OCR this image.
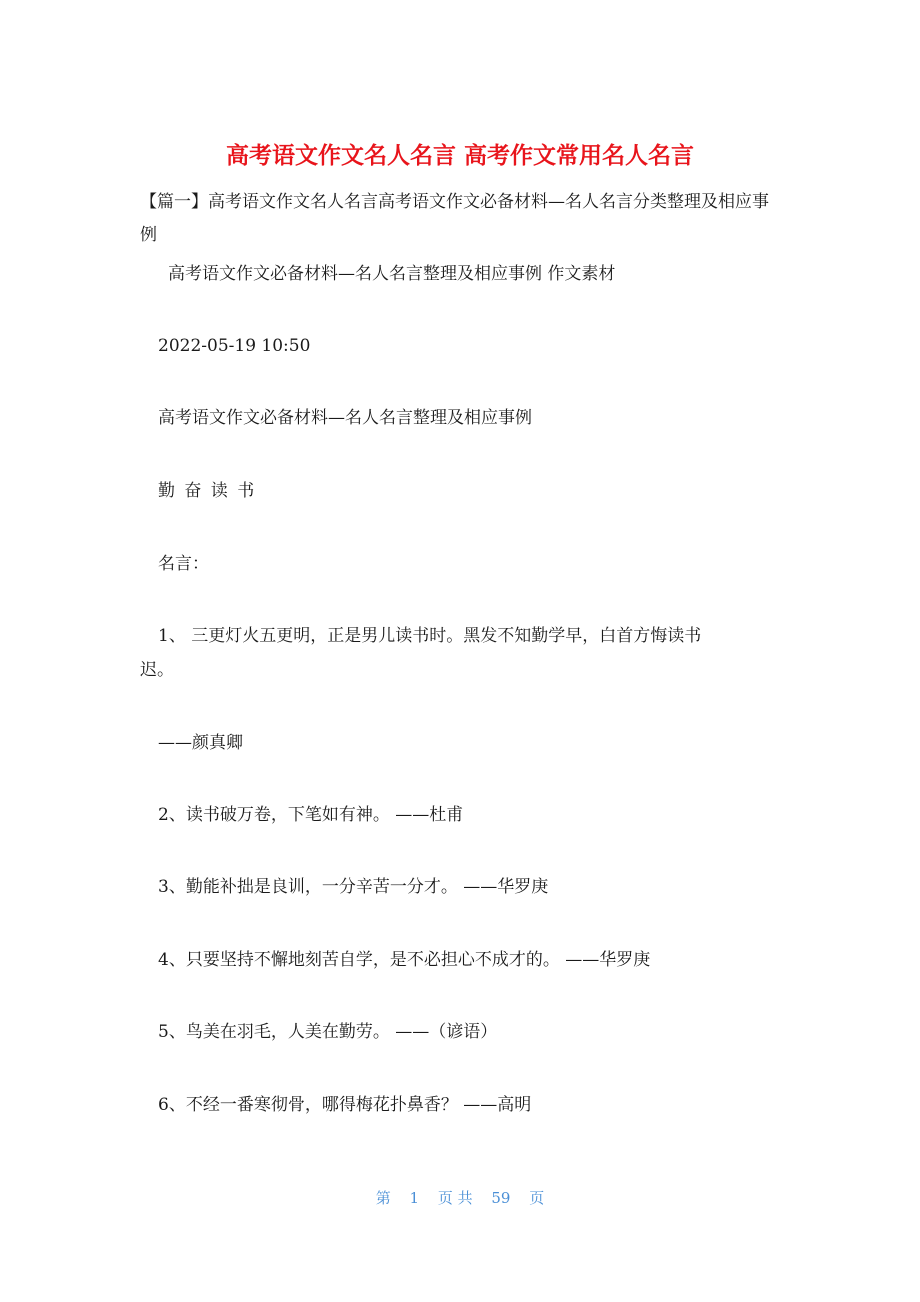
高考语文作文名人名言 高考作文常用名人名言
【篇一】高考语文作文名人名言高考语文作文必备材料—名人名言分类整理及相应事例
高考语文作文必备材料—名人名言整理及相应事例 作文素材
2022-05-19 10:50
高考语文作文必备材料—名人名言整理及相应事例
勤 奋 读 书
名言：
1、 三更灯火五更明，正是男儿读书时。黑发不知勤学早，白首方悔读书
迟。
——颜真卿
2、读书破万卷，下笔如有神。 ——杜甫
3、勤能补拙是良训，一分辛苦一分才。 ——华罗庚
4、只要坚持不懈地刻苦自学，是不必担心不成才的。 ——华罗庚
5、鸟美在羽毛，人美在勤劳。 ——（谚语）
6、不经一番寒彻骨，哪得梅花扑鼻香？ ——高明
第 1 页 共 59 页
